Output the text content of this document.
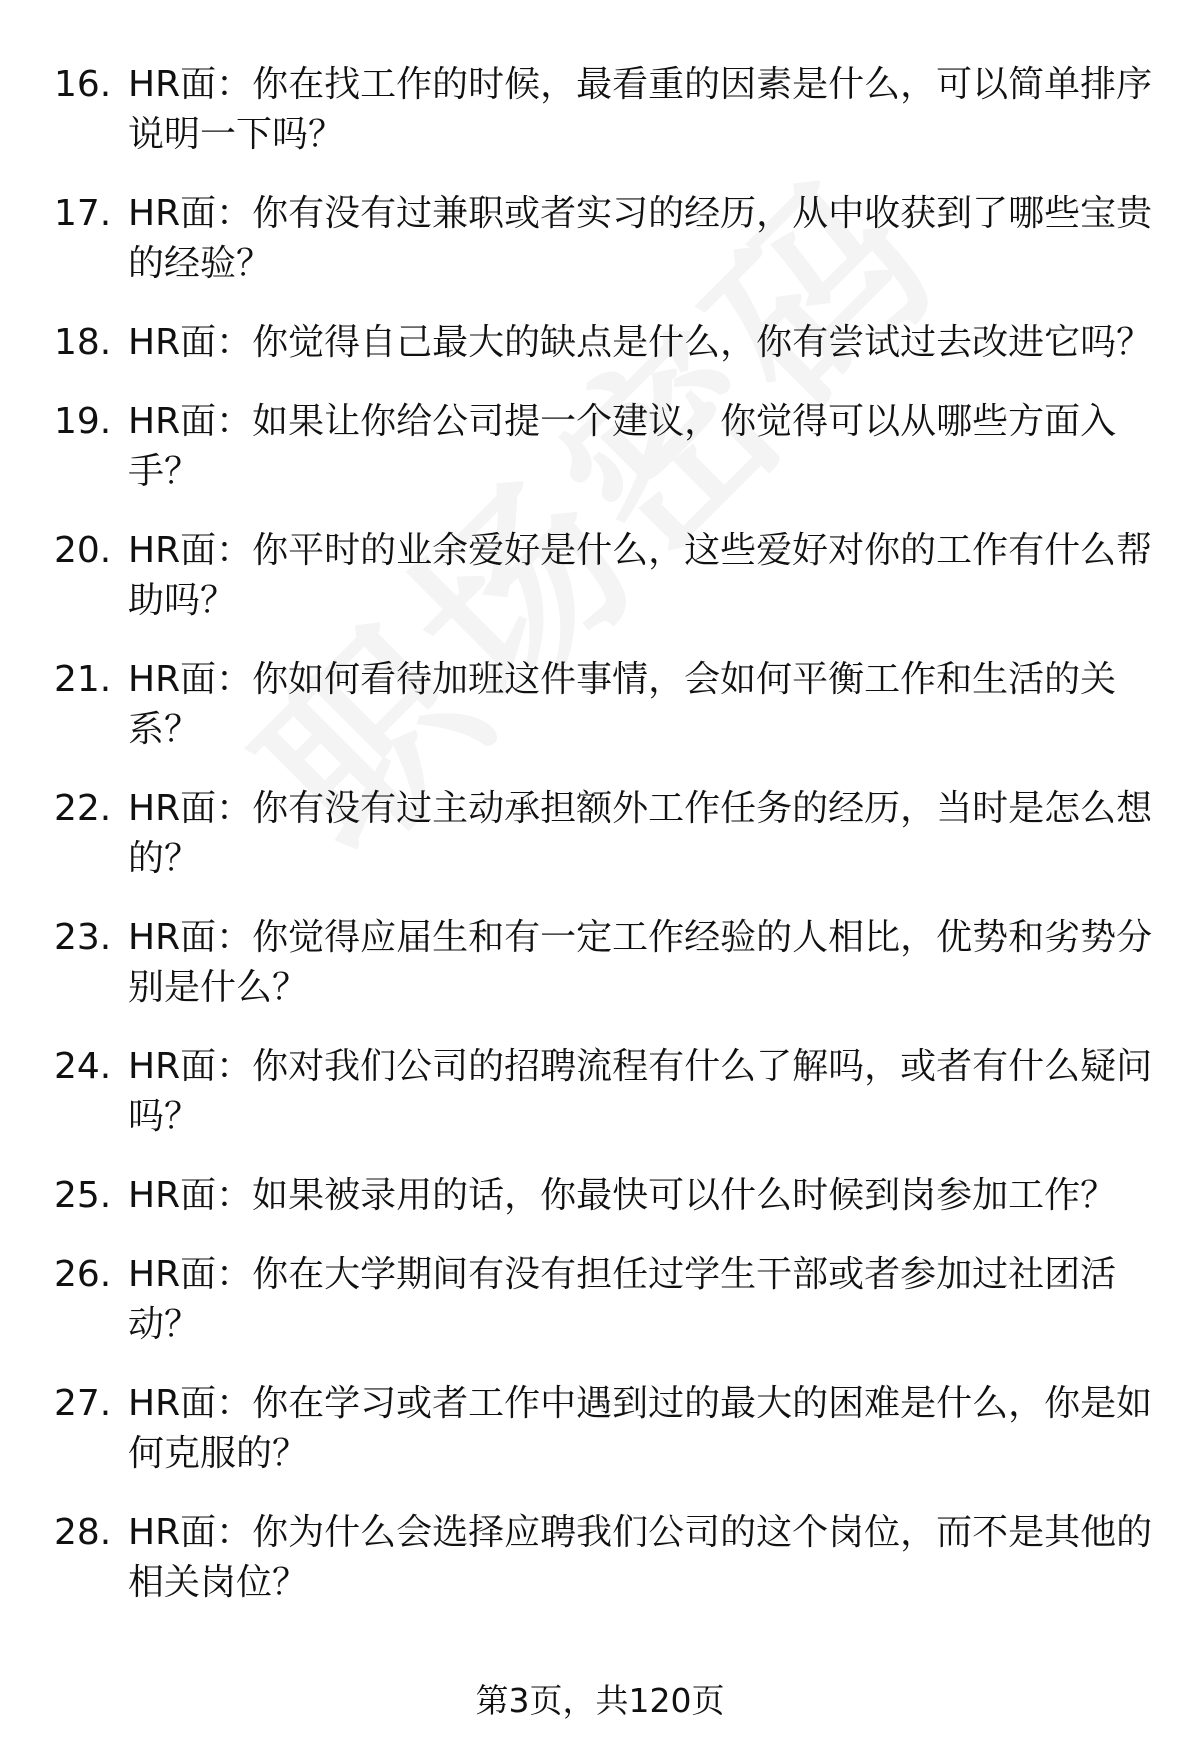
16. HR面：你在找工作的时候，最看重的因素是什么，可以简单排序说明一下吗？
17. HR面：你有没有过兼职或者实习的经历，从中收获到了哪些宝贵的经验？
18. HR面：你觉得自己最大的缺点是什么，你有尝试过去改进它吗？
19. HR面：如果让你给公司提一个建议，你觉得可以从哪些方面入手？
20. HR面：你平时的业余爱好是什么，这些爱好对你的工作有什么帮助吗？
21. HR面：你如何看待加班这件事情，会如何平衡工作和生活的关系？
22. HR面：你有没有过主动承担额外工作任务的经历，当时是怎么想的？
23. HR面：你觉得应届生和有一定工作经验的人相比，优势和劣势分别是什么？
24. HR面：你对我们公司的招聘流程有什么了解吗，或者有什么疑问吗？
25. HR面：如果被录用的话，你最快可以什么时候到岗参加工作？
26. HR面：你在大学期间有没有担任过学生干部或者参加过社团活动？
27. HR面：你在学习或者工作中遇到过的最大的困难是什么，你是如何克服的？
28. HR面：你为什么会选择应聘我们公司的这个岗位，而不是其他的相关岗位？
第3页，共120页
